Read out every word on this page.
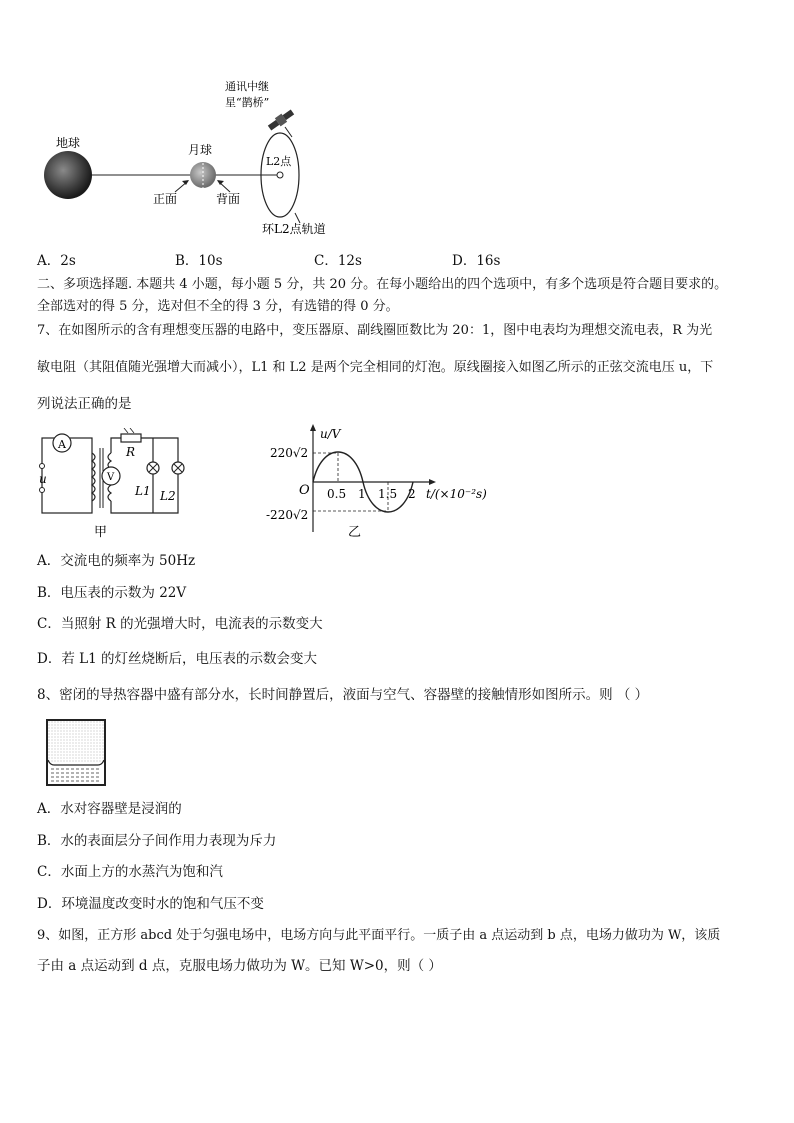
地球	月球
正面	背面
L2点
通讯中继
星“鹊桥”
环L2点轨道
A．2s	B．10s	C．12s	D．16s
二、多项选择题. 本题共 4 小题，每小题 5 分，共 20 分。在每小题给出的四个选项中，有多个选项是符合题目要求的。
全部选对的得 5 分，选对但不全的得 3 分，有选错的得 0 分。
7、在如图所示的含有理想变压器的电路中，变压器原、副线圈匝数比为 20：1，图中电表均为理想交流电表，R 为光
敏电阻（其阻值随光强增大而减小），L1 和 L2 是两个完全相同的灯泡。原线圈接入如图乙所示的正弦交流电压 u，下
列说法正确的是
A
u	V
R
L1 L2
甲
u/V
220√2
-220√2
O 0.5 1 1.5 2 t/(×10⁻²s)
乙
A．交流电的频率为 50Hz
B．电压表的示数为 22V
C．当照射 R 的光强增大时，电流表的示数变大
D．若 L1 的灯丝烧断后，电压表的示数会变大
8、密闭的导热容器中盛有部分水，长时间静置后，液面与空气、容器壁的接触情形如图所示。则 （ ）
A．水对容器壁是浸润的
B．水的表面层分子间作用力表现为斥力
C．水面上方的水蒸汽为饱和汽
D．环境温度改变时水的饱和气压不变
9、如图，正方形 abcd 处于匀强电场中，电场方向与此平面平行。一质子由 a 点运动到 b 点，电场力做功为 W，该质
子由 a 点运动到 d 点，克服电场力做功为 W。已知 W>0，则（ ）
